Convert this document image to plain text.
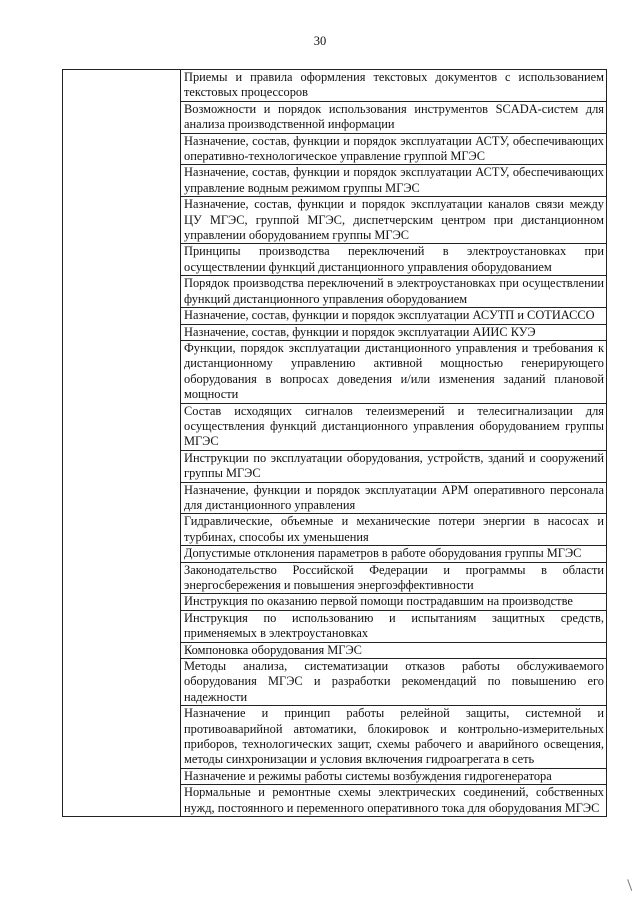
30
	Приемы и правила оформления текстовых документов с использованием текстовых процессоров
Возможности и порядок использования инструментов SCADA-систем для анализа производственной информации
Назначение, состав, функции и порядок эксплуатации АСТУ, обеспечивающих оперативно-технологическое управление группой МГЭС
Назначение, состав, функции и порядок эксплуатации АСТУ, обеспечивающих управление водным режимом группы МГЭС
Назначение, состав, функции и порядок эксплуатации каналов связи между ЦУ МГЭС, группой МГЭС, диспетчерским центром при дистанционном управлении оборудованием группы МГЭС
Принципы производства переключений в электроустановках при осуществлении функций дистанционного управления оборудованием
Порядок производства переключений в электроустановках при осуществлении функций дистанционного управления оборудованием
Назначение, состав, функции и порядок эксплуатации АСУТП и СОТИАССО
Назначение, состав, функции и порядок эксплуатации АИИС КУЭ
Функции, порядок эксплуатации дистанционного управления и требования к дистанционному управлению активной мощностью генерирующего оборудования в вопросах доведения и/или изменения заданий плановой мощности
Состав исходящих сигналов телеизмерений и телесигнализации для осуществления функций дистанционного управления оборудованием группы МГЭС
Инструкции по эксплуатации оборудования, устройств, зданий и сооружений группы МГЭС
Назначение, функции и порядок эксплуатации АРМ оперативного персонала для дистанционного управления
Гидравлические, объемные и механические потери энергии в насосах и турбинах, способы их уменьшения
Допустимые отклонения параметров в работе оборудования группы МГЭС
Законодательство Российской Федерации и программы в области энергосбережения и повышения энергоэффективности
Инструкция по оказанию первой помощи пострадавшим на производстве
Инструкция по использованию и испытаниям защитных средств, применяемых в электроустановках
Компоновка оборудования МГЭС
Методы анализа, систематизации отказов работы обслуживаемого оборудования МГЭС и разработки рекомендаций по повышению его надежности
Назначение и принцип работы релейной защиты, системной и противоаварийной автоматики, блокировок и контрольно-измерительных приборов, технологических защит, схемы рабочего и аварийного освещения, методы синхронизации и условия включения гидроагрегата в сеть
Назначение и режимы работы системы возбуждения гидрогенератора
Нормальные и ремонтные схемы электрических соединений, собственных нужд, постоянного и переменного оперативного тока для оборудования МГЭС
